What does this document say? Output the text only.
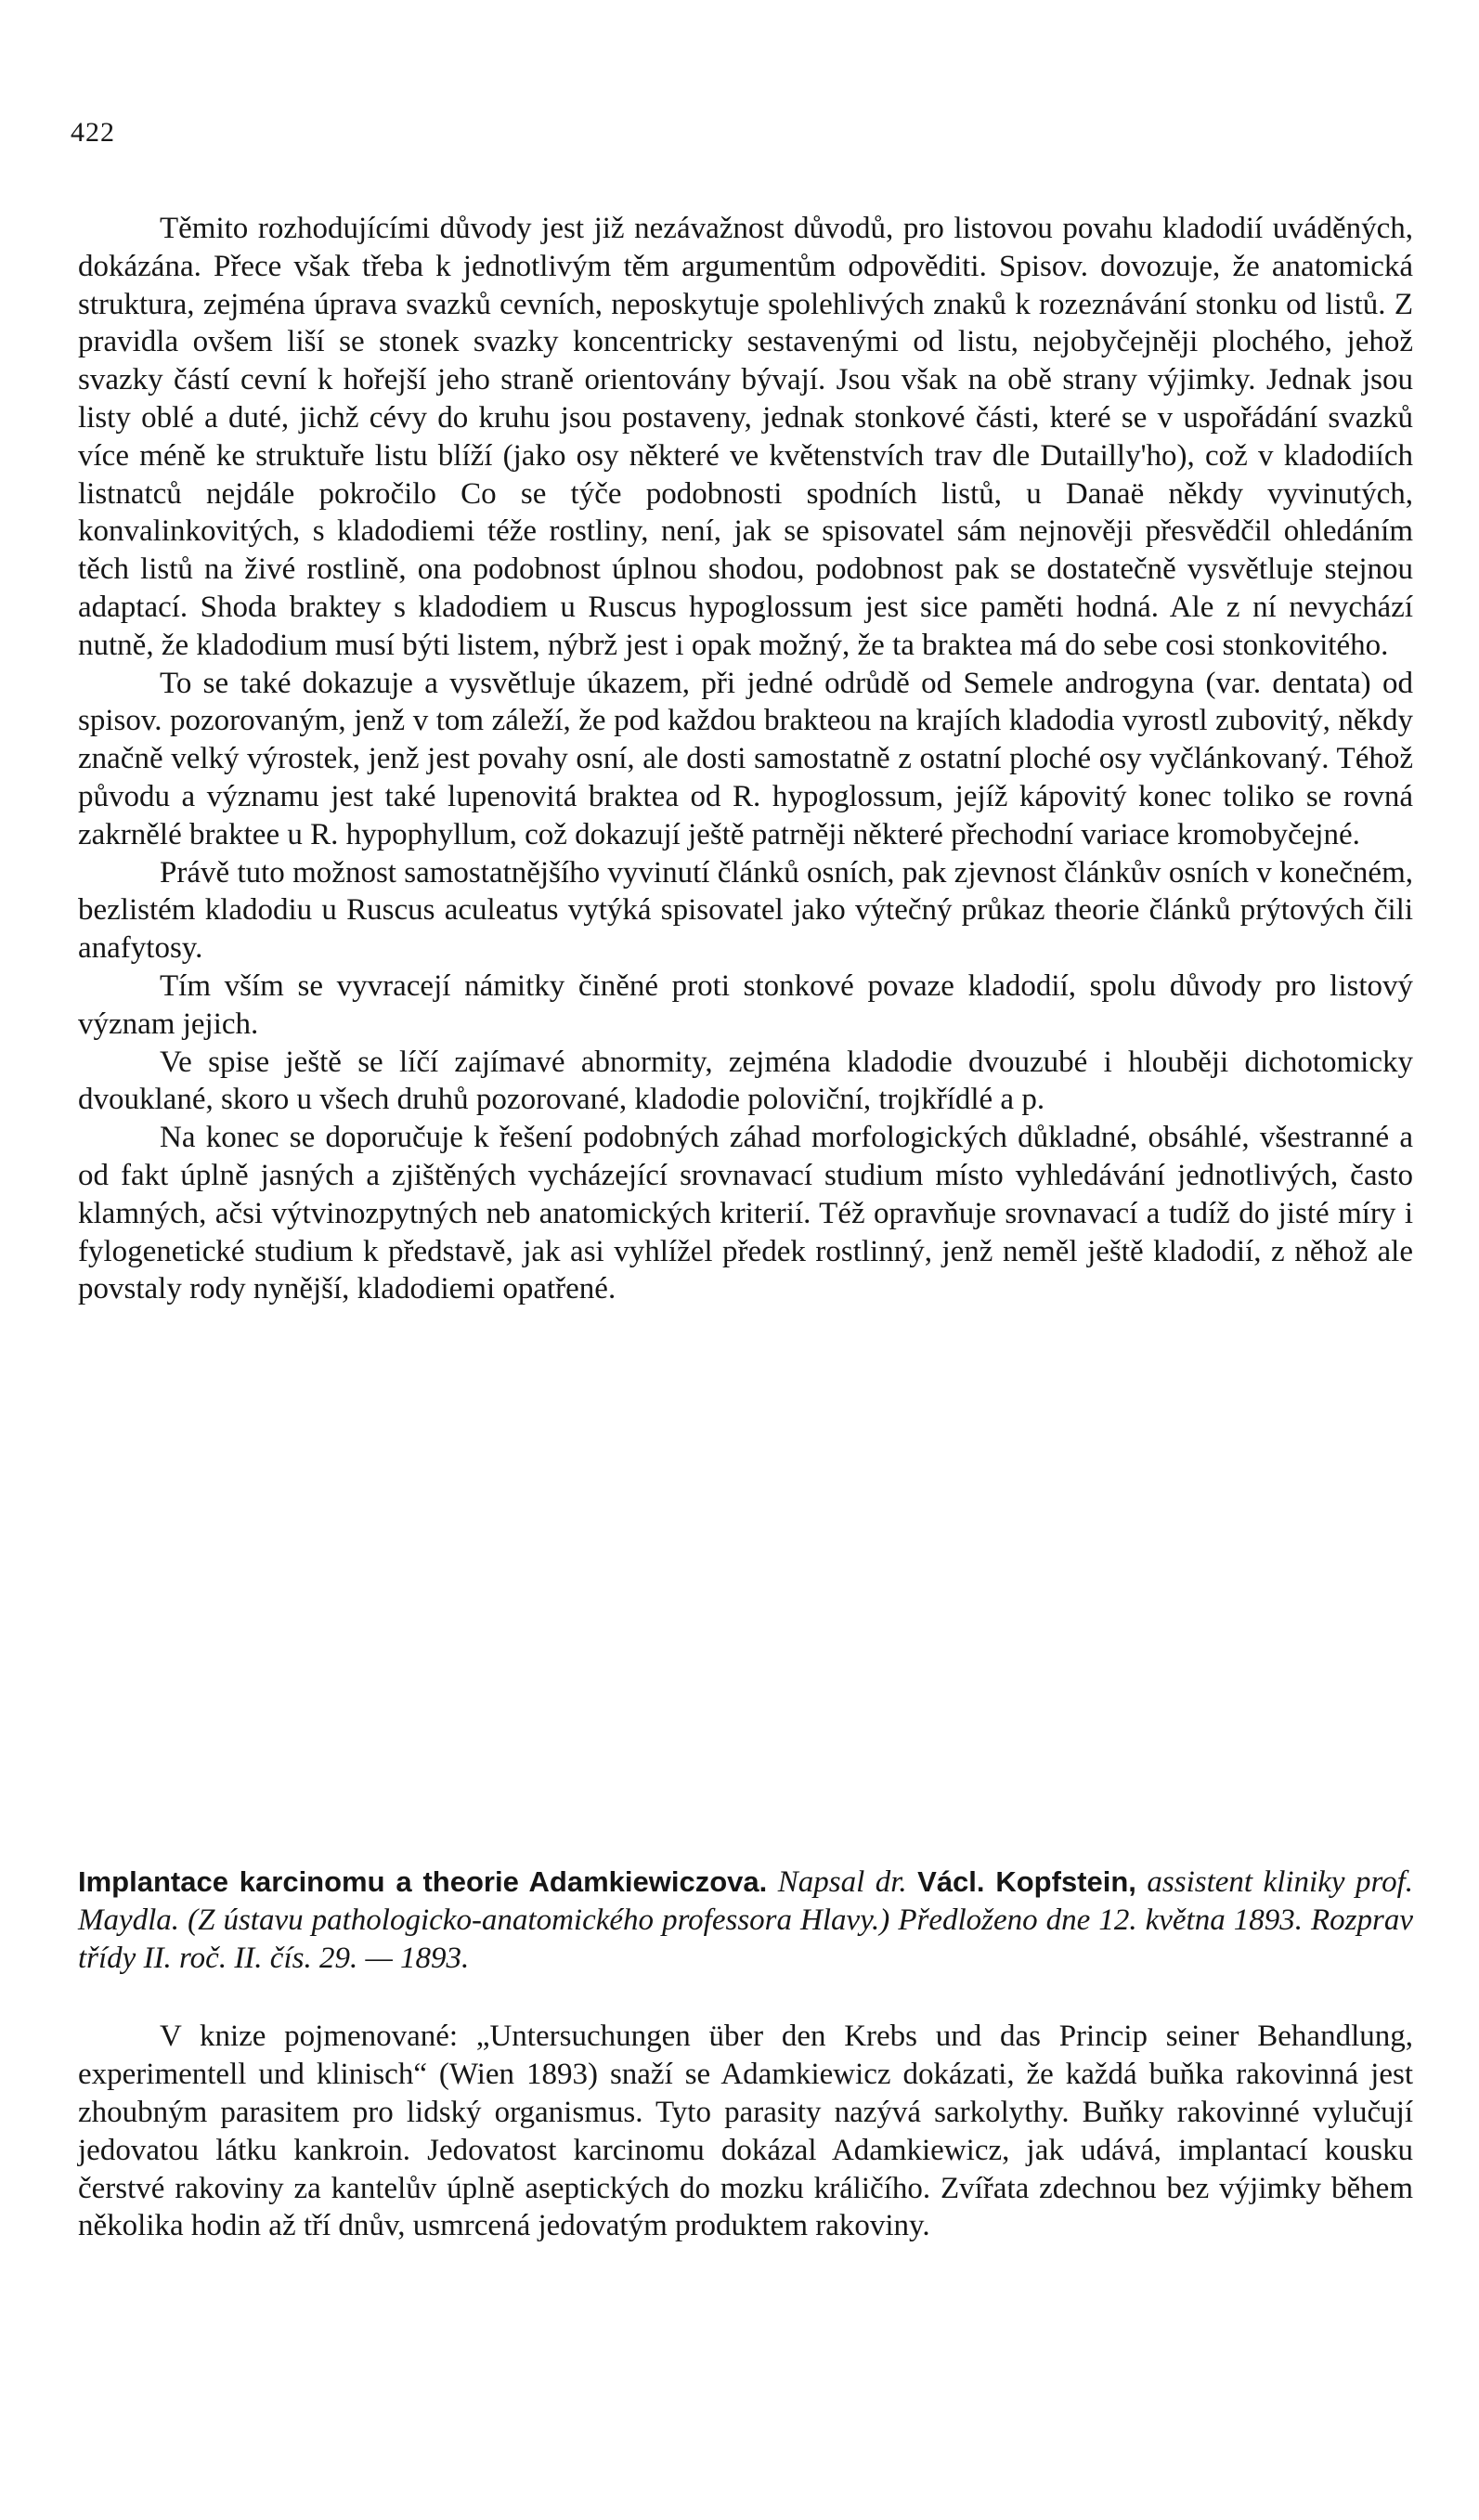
422

Těmito rozhodujícími důvody jest již nezávažnost důvodů, pro listovou povahu kladodií uváděných, dokázána. Přece však třeba k jednotlivým těm argumentům odpověditi. Spisov. dovozuje, že anatomická struktura, zejména úprava svazků cevních, neposkytuje spolehlivých znaků k rozeznávání stonku od listů. Z pravidla ovšem liší se stonek svazky koncentricky sestavenými od listu, nejobyčejněji plochého, jehož svazky částí cevní k hořejší jeho straně orientovány bývají. Jsou však na obě strany výjimky. Jednak jsou listy oblé a duté, jichž cévy do kruhu jsou postaveny, jednak stonkové části, které se v uspořádání svazků více méně ke struktuře listu blíží (jako osy některé ve květenstvích trav dle Dutailly'ho), což v kladodiích listnatců nejdále pokročilo Co se týče podobnosti spodních listů, u Danaë někdy vyvinutých, konvalinkovitých, s kladodiemi téže rostliny, není, jak se spisovatel sám nejnověji přesvědčil ohledáním těch listů na živé rostlině, ona podobnost úplnou shodou, podobnost pak se dostatečně vysvětluje stejnou adaptací. Shoda braktey s kladodiem u Ruscus hypoglossum jest sice paměti hodná. Ale z ní nevychází nutně, že kladodium musí býti listem, nýbrž jest i opak možný, že ta braktea má do sebe cosi stonkovitého.

To se také dokazuje a vysvětluje úkazem, při jedné odrůdě od Semele androgyna (var. dentata) od spisov. pozorovaným, jenž v tom záleží, že pod každou brakteou na krajích kladodia vyrostl zubovitý, někdy značně velký výrostek, jenž jest povahy osní, ale dosti samostatně z ostatní ploché osy vyčlánkovaný. Téhož původu a významu jest také lupenovitá braktea od R. hypoglossum, jejíž kápovitý konec toliko se rovná zakrnělé braktee u R. hypophyllum, což dokazují ještě patrněji některé přechodní variace kromobyčejné.

Právě tuto možnost samostatnějšího vyvinutí článků osních, pak zjevnost článkův osních v konečném, bezlistém kladodiu u Ruscus aculeatus vytýká spisovatel jako výtečný průkaz theorie článků prýtových čili anafytosy.

Tím vším se vyvracejí námitky činěné proti stonkové povaze kladodií, spolu důvody pro listový význam jejich.

Ve spise ještě se líčí zajímavé abnormity, zejména kladodie dvouzubé i hlouběji dichotomicky dvouklané, skoro u všech druhů pozorované, kladodie poloviční, trojkřídlé a p.

Na konec se doporučuje k řešení podobných záhad morfologických důkladné, obsáhlé, všestranné a od fakt úplně jasných a zjištěných vycházející srovnavací studium místo vyhledávání jednotlivých, často klamných, ačsi výtvinozpytných neb anatomických kriterií. Též opravňuje srovnavací a tudíž do jisté míry i fylogenetické studium k představě, jak asi vyhlížel předek rostlinný, jenž neměl ještě kladodií, z něhož ale povstaly rody nynější, kladodiemi opatřené.

Implantace karcinomu a theorie Adamkiewiczova. Napsal dr. Václ. Kopfstein, assistent kliniky prof. Maydla. (Z ústavu pathologicko-anatomického professora Hlavy.) Předloženo dne 12. května 1893. Rozprav třídy II. roč. II. čís. 29. — 1893.

V knize pojmenované: „Untersuchungen über den Krebs und das Princip seiner Behandlung, experimentell und klinisch“ (Wien 1893) snaží se Adamkiewicz dokázati, že každá buňka rakovinná jest zhoubným parasitem pro lidský organismus. Tyto parasity nazývá sarkolythy. Buňky rakovinné vylučují jedovatou látku kankroin. Jedovatost karcinomu dokázal Adamkiewicz, jak udává, implantací kousku čerstvé rakoviny za kantelův úplně aseptických do mozku králičího. Zvířata zdechnou bez výjimky během několika hodin až tří dnův, usmrcená jedovatým produktem rakoviny.
